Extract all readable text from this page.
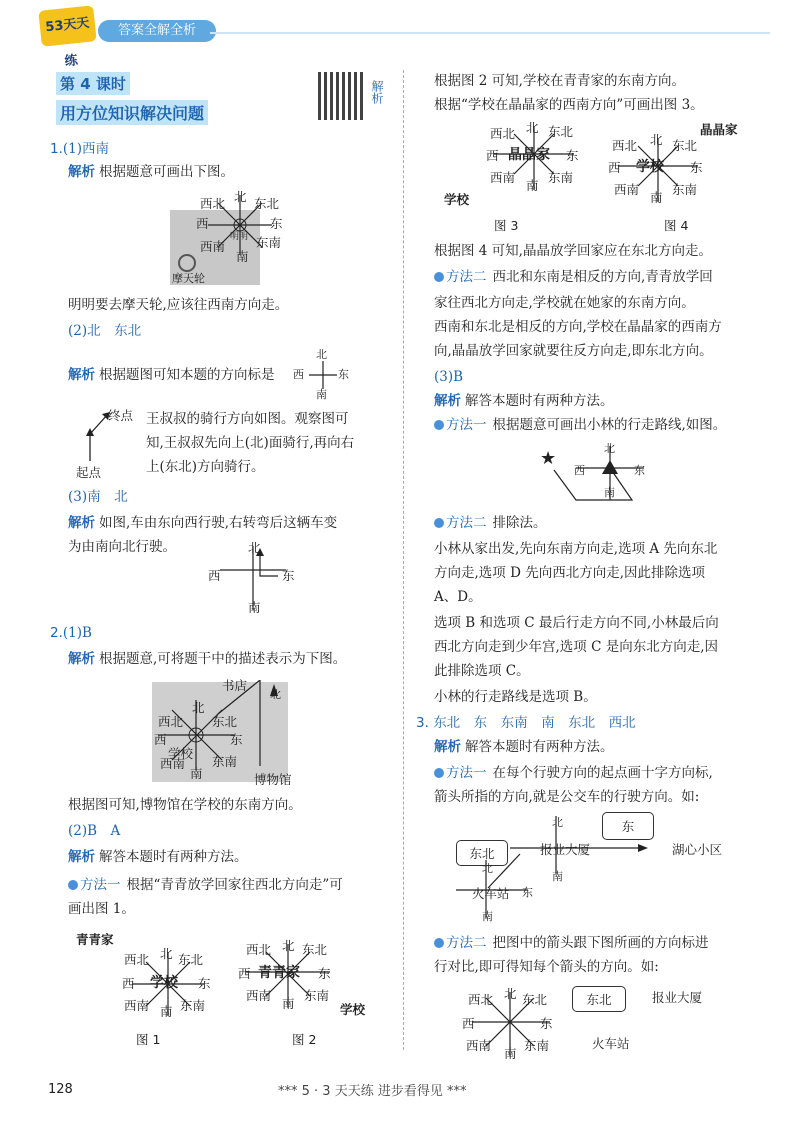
53天天练
答案全解全析
第 4 课时
用方位知识解决问题
解析
1.(1)西南
解析 根据题意可画出下图。
摩天轮
北
西北 东北
西	东
西南 东南
南
明明
明明要去摩天轮,应该往西南方向走。
(2)北　东北
解析 根据题图可知本题的方向标是
北
西	东
南
终点
起点
王叔叔的骑行方向如图。观察图可
知,王叔叔先向上(北)面骑行,再向右
上(东北)方向骑行。
(3)南　北
解析 如图,车由东向西行驶,右转弯后这辆车变
为由南向北行驶。	北
西	东
南
2.(1)B
解析 根据题意,可将题干中的描述表示为下图。
书店
北
北
西北 东北
西	东
学校
西南 东南
南	博物馆
根据图可知,博物馆在学校的东南方向。
(2)B　A
解析 解答本题时有两种方法。
方法一 根据“青青放学回家往西北方向走”可
画出图 1。
青青家
北
西北 东北
西 学校 东
西南 东南
南
图 1
北
西北 东北
西 青青家 东
西南	东南
南	学校
图 2
根据图 2 可知,学校在青青家的东南方向。
根据“学校在晶晶家的西南方向”可画出图 3。
北
西北	东北
西 晶晶家 东
西南	东南
南
学校
图 3
晶晶家
北
西北	东北
西 学校 东
西南	东南
南
图 4
根据图 4 可知,晶晶放学回家应在东北方向走。
方法二 西北和东南是相反的方向,青青放学回
家往西北方向走,学校就在她家的东南方向。
西南和东北是相反的方向,学校在晶晶家的西南方
向,晶晶放学回家就要往反方向走,即东北方向。
(3)B
解析 解答本题时有两种方法。
方法一 根据题意可画出小林的行走路线,如图。
★	北
西	东
南
方法二 排除法。
小林从家出发,先向东南方向走,选项 A 先向东北
方向走,选项 D 先向西北方向走,因此排除选项
A、D。
选项 B 和选项 C 最后行走方向不同,小林最后向
西北方向走到少年宫,选项 C 是向东北方向走,因
此排除选项 C。
小林的行走路线是选项 B。
3. 东北　东　东南　南　东北　西北
解析 解答本题时有两种方法。
方法一 在每个行驶方向的起点画十字方向标,
箭头所指的方向,就是公交车的行驶方向。如:
东北
东
北
报业大厦
南
湖心小区
北
火车站 东
南
方法二 把图中的箭头跟下图所画的方向标进
行对比,即可得知每个箭头的方向。如:
北
西北 东北
西	东
西南	东南
南
东北	报业大厦
火车站
128	*** 5 · 3 天天练 进步看得见 ***
